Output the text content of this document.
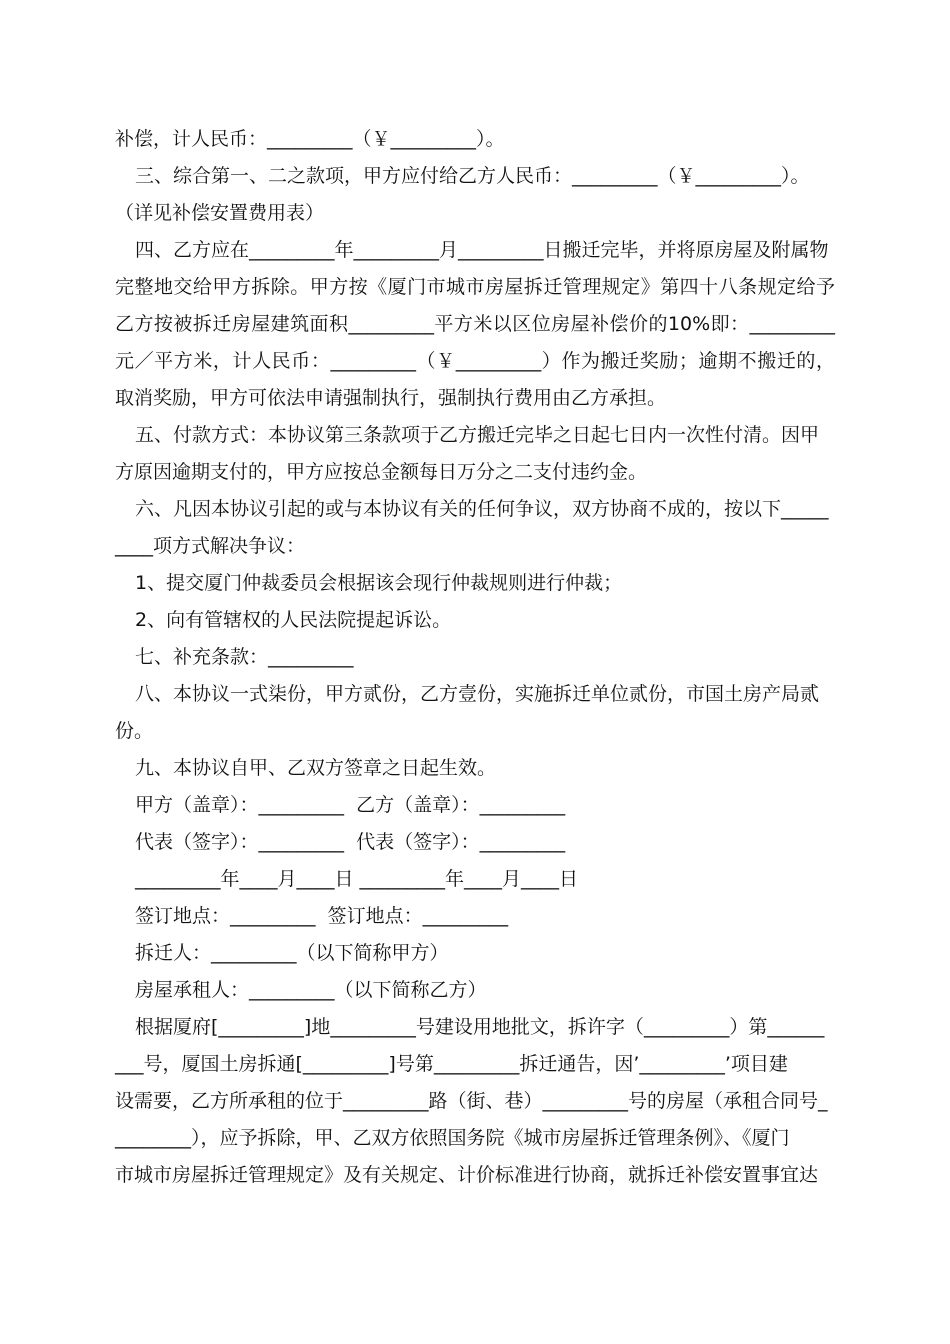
补偿，计人民币：_________（￥_________）。
三、综合第一、二之款项，甲方应付给乙方人民币：_________（￥_________）。
（详见补偿安置费用表）
四、乙方应在_________年_________月_________日搬迁完毕，并将原房屋及附属物
完整地交给甲方拆除。甲方按《厦门市城市房屋拆迁管理规定》第四十八条规定给予
乙方按被拆迁房屋建筑面积_________平方米以区位房屋补偿价的10%即：_________
元／平方米，计人民币：_________（￥_________）作为搬迁奖励；逾期不搬迁的，
取消奖励，甲方可依法申请强制执行，强制执行费用由乙方承担。
五、付款方式：本协议第三条款项于乙方搬迁完毕之日起七日内一次性付清。因甲
方原因逾期支付的，甲方应按总金额每日万分之二支付违约金。
六、凡因本协议引起的或与本协议有关的任何争议，双方协商不成的，按以下_____
____项方式解决争议：
1、提交厦门仲裁委员会根据该会现行仲裁规则进行仲裁；
2、向有管辖权的人民法院提起诉讼。
七、补充条款：_________
八、本协议一式柒份，甲方贰份，乙方壹份，实施拆迁单位贰份，市国土房产局贰
份。
九、本协议自甲、乙双方签章之日起生效。
甲方（盖章）：_________  乙方（盖章）：_________
代表（签字）：_________  代表（签字）：_________
_________年____月____日 _________年____月____日
签订地点：_________  签订地点：_________
拆迁人：_________（以下简称甲方）
房屋承租人：_________（以下简称乙方）
根据厦府[_________]地_________号建设用地批文，拆许字（_________）第______
___号，厦国土房拆通[_________]号第_________拆迁通告，因’_________’项目建
设需要，乙方所承租的位于_________路（街、巷）_________号的房屋（承租合同号_
________），应予拆除，甲、乙双方依照国务院《城市房屋拆迁管理条例》、《厦门
市城市房屋拆迁管理规定》及有关规定、计价标准进行协商，就拆迁补偿安置事宜达
